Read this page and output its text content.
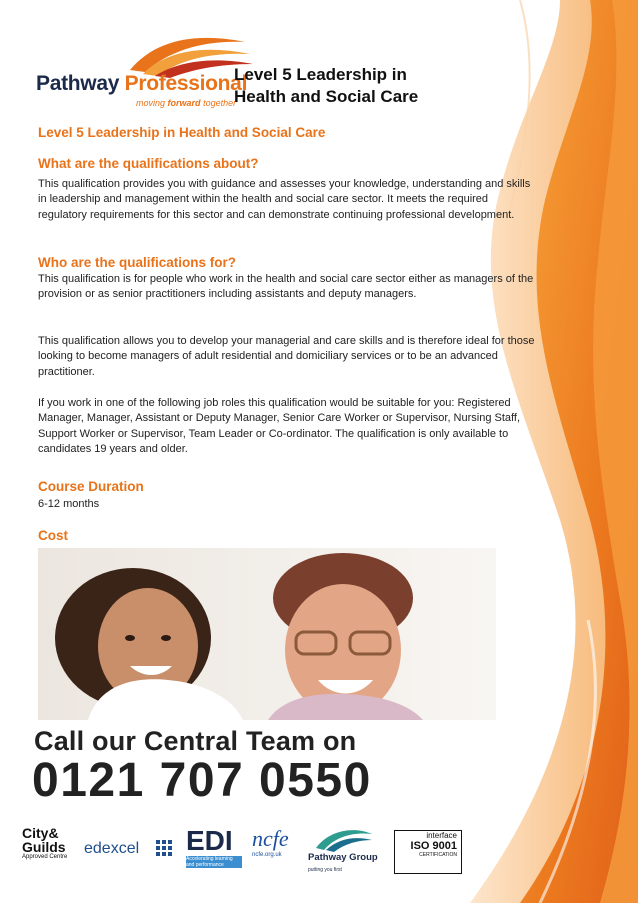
Pathway Professional
moving forward together
Level 5 Leadership in
Health and Social Care
Level 5 Leadership in Health and Social Care
What are the qualifications about?
This qualification provides you with guidance and assesses your knowledge, understanding and skills in leadership and management within the health and social care sector. It meets the required regulatory requirements for this sector and can demonstrate continuing professional development.
Who are the qualifications for?
This qualification is for people who work in the health and social care sector either as managers of the provision or as senior practitioners including assistants and deputy managers.
This qualification allows you to develop your managerial and care skills and is therefore ideal for those looking to become managers of adult residential and domiciliary services or to be an advanced practitioner.
If you work in one of the following job roles this qualification would be suitable for you: Registered Manager, Manager, Assistant or Deputy Manager, Senior Care Worker or Supervisor, Nursing Staff, Support Worker or Supervisor, Team Leader or Co-ordinator. The qualification is only available to candidates 19 years and older.
Course Duration
6-12 months
Cost
Call our Central Team on
0121 707 0550
City&
Guilds
Approved Centre	edexcel EDI
Accelerating learning and performance
ncfe
ncfe.org.uk	Pathway Group
putting you first
interface
ISO 9001
CERTIFICATION
